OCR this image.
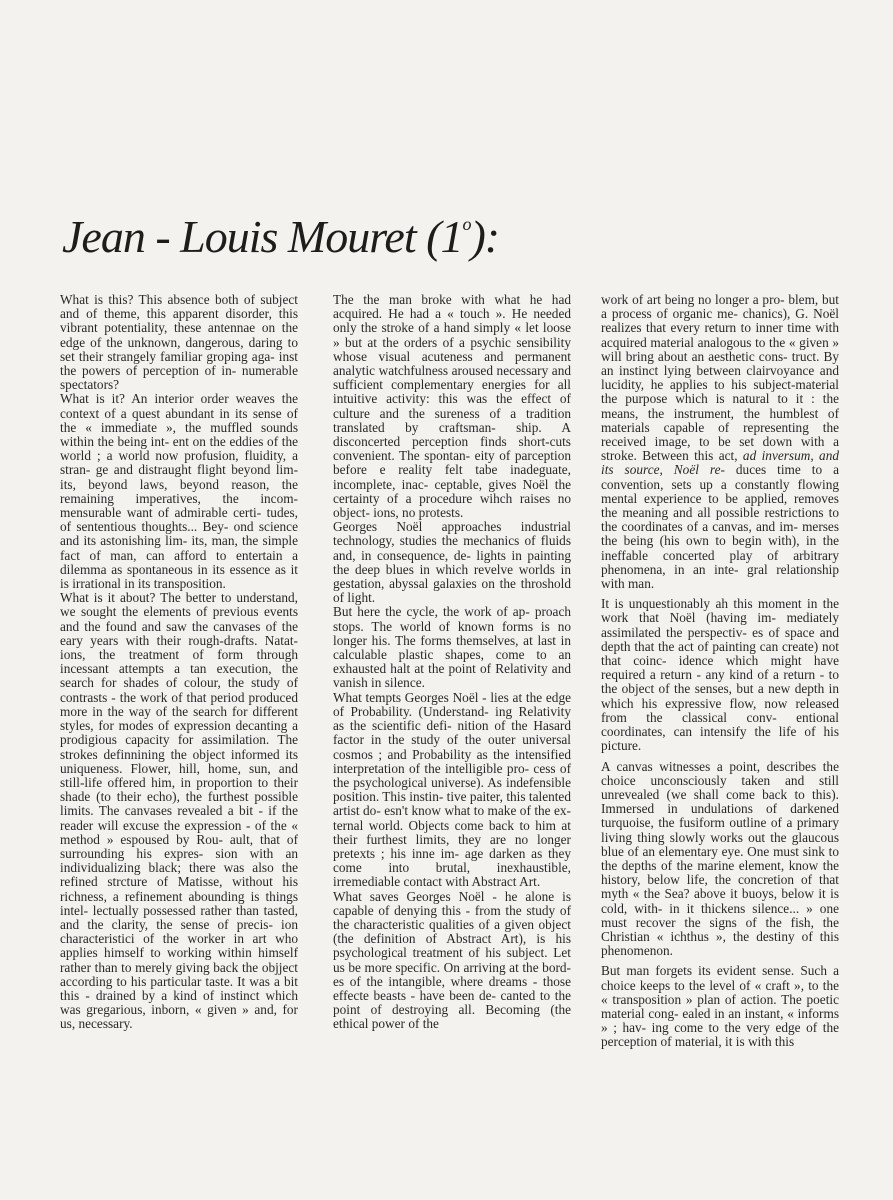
Jean - Louis Mouret (1$^o$):

What is this? This absence both of subject and of theme, this apparent disorder, this vibrant potentiality, these antennae on the edge of the unknown, dangerous, daring to set their strangely familiar groping aga- inst the powers of perception of in- numerable spectators?

What is it? An interior order weaves the context of a quest abundant in its sense of the « immediate », the muffled sounds within the being int- ent on the eddies of the world ; a world now profusion, fluidity, a stran- ge and distraught flight beyond lim- its, beyond laws, beyond reason, the remaining imperatives, the incom- mensurable want of admirable certi- tudes, of sententious thoughts... Bey- ond science and its astonishing lim- its, man, the simple fact of man, can afford to entertain a dilemma as spontaneous in its essence as it is irrational in its transposition.

What is it about? The better to understand, we sought the elements of previous events and the found and saw the canvases of the eary years with their rough-drafts. Natat- ions, the treatment of form through incessant attempts a tan execution, the search for shades of colour, the study of contrasts - the work of that period produced more in the way of the search for different styles, for modes of expression decanting a prodigious capacity for assimilation. The strokes definnining the object informed its uniqueness. Flower, hill, home, sun, and still-life offered him, in proportion to their shade (to their echo), the furthest possible limits. The canvases revealed a bit - if the reader will excuse the expression - of the « method » espoused by Rou- ault, that of surrounding his expres- sion with an individualizing black; there was also the refined strcture of Matisse, without his richness, a refinement abounding is things intel- lectually possessed rather than tasted, and the clarity, the sense of precis- ion characteristici of the worker in art who applies himself to working within himself rather than to merely giving back the objject according to his particular taste. It was a bit this - drained by a kind of instinct which was gregarious, inborn, « given » and, for us, necessary.

The the man broke with what he had acquired. He had a « touch ». He needed only the stroke of a hand simply « let loose » but at the orders of a psychic sensibility whose visual acuteness and permanent analytic watchfulness aroused necessary and sufficient complementary energies for all intuitive activity: this was the effect of culture and the sureness of a tradition translated by craftsman- ship. A disconcerted perception finds short-cuts convenient. The spontan- eity of parception before e reality felt tabe inadeguate, incomplete, inac- ceptable, gives Noël the certainty of a procedure wihch raises no object- ions, no protests.

Georges Noël approaches industrial technology, studies the mechanics of fluids and, in consequence, de- lights in painting the deep blues in which revelve worlds in gestation, abyssal galaxies on the throshold of light.

But here the cycle, the work of ap- proach stops. The world of known forms is no longer his. The forms themselves, at last in calculable plastic shapes, come to an exhausted halt at the point of Relativity and vanish in silence.

What tempts Georges Noël - lies at the edge of Probability. (Understand- ing Relativity as the scientific defi- nition of the Hasard factor in the study of the outer universal cosmos ; and Probability as the intensified interpretation of the intelligible pro- cess of the psychological universe). As indefensible position. This instin- tive paiter, this talented artist do- esn't know what to make of the ex- ternal world. Objects come back to him at their furthest limits, they are no longer pretexts ; his inne im- age darken as they come into brutal, inexhaustible, irremediable contact with Abstract Art.

What saves Georges Noël - he alone is capable of denying this - from the study of the characteristic qualities of a given object (the definition of Abstract Art), is his psychological treatment of his subject. Let us be more specific. On arriving at the bord- es of the intangible, where dreams - those effecte beasts - have been de- canted to the point of destroying all. Becoming (the ethical power of the

work of art being no longer a pro- blem, but a process of organic me- chanics), G. Noël realizes that every return to inner time with acquired material analogous to the « given » will bring about an aesthetic cons- truct. By an instinct lying between clairvoyance and lucidity, he applies to his subject-material the purpose which is natural to it : the means, the instrument, the humblest of materials capable of representing the received image, to be set down with a stroke. Between this act, ad inversum, and its source, Noël re- duces time to a convention, sets up a constantly flowing mental experience to be applied, removes the meaning and all possible restrictions to the coordinates of a canvas, and im- merses the being (his own to begin with), in the ineffable concerted play of arbitrary phenomena, in an inte- gral relationship with man.

It is unquestionably ah this moment in the work that Noël (having im- mediately assimilated the perspectiv- es of space and depth that the act of painting can create) not that coinc- idence which might have required a return - any kind of a return - to the object of the senses, but a new depth in which his expressive flow, now released from the classical conv- entional coordinates, can intensify the life of his picture.

A canvas witnesses a point, describes the choice unconsciously taken and still unrevealed (we shall come back to this). Immersed in undulations of darkened turquoise, the fusiform outline of a primary living thing slowly works out the glaucous blue of an elementary eye. One must sink to the depths of the marine element, know the history, below life, the concretion of that myth « the Sea? above it buoys, below it is cold, with- in it thickens silence... » one must recover the signs of the fish, the Christian « ichthus », the destiny of this phenomenon.

But man forgets its evident sense. Such a choice keeps to the level of « craft », to the « transposition » plan of action. The poetic material cong- ealed in an instant, « informs » ; hav- ing come to the very edge of the perception of material, it is with this
